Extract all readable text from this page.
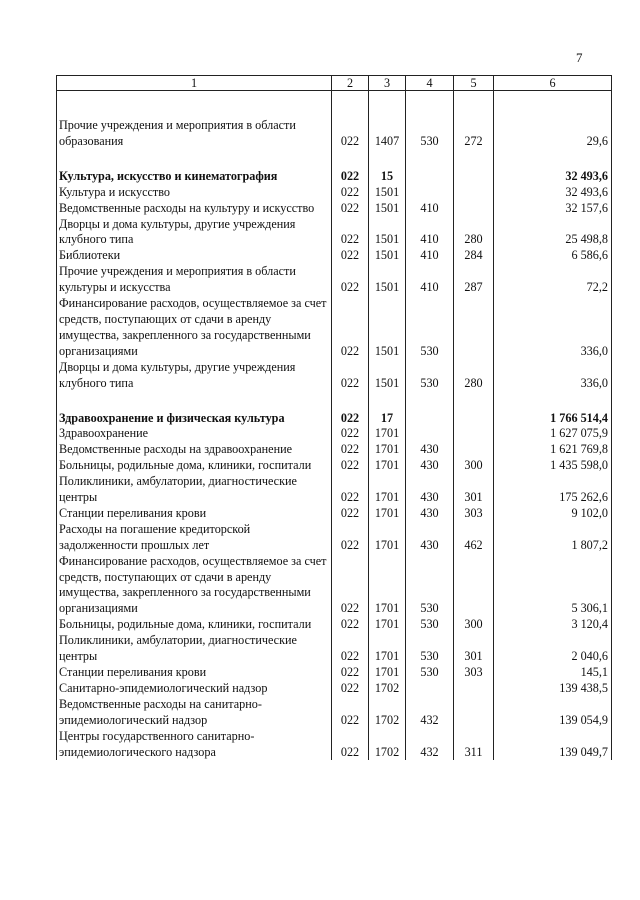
7
1	2	3	4	5	6

Прочие учреждения и мероприятия в области образования	022	1407	530	272	29,6

Культура, искусство и кинематография	022	15			32 493,6
Культура и искусство	022	1501			32 493,6
Ведомственные расходы на культуру и искусство	022	1501	410		32 157,6
Дворцы и дома культуры, другие учреждения клубного типа	022	1501	410	280	25 498,8
Библиотеки	022	1501	410	284	6 586,6
Прочие учреждения и мероприятия в области культуры и искусства	022	1501	410	287	72,2
Финансирование расходов, осуществляемое за счет средств, поступающих от сдачи в аренду имущества, закрепленного за государственными организациями	022	1501	530		336,0
Дворцы и дома культуры, другие учреждения клубного типа	022	1501	530	280	336,0

Здравоохранение и физическая культура	022	17			1 766 514,4
Здравоохранение	022	1701			1 627 075,9
Ведомственные расходы на здравоохранение	022	1701	430		1 621 769,8
Больницы, родильные дома, клиники, госпитали	022	1701	430	300	1 435 598,0
Поликлиники, амбулатории, диагностические центры	022	1701	430	301	175 262,6
Станции переливания крови	022	1701	430	303	9 102,0
Расходы на погашение кредиторской задолженности прошлых лет	022	1701	430	462	1 807,2
Финансирование расходов, осуществляемое за счет средств, поступающих от сдачи в аренду имущества, закрепленного за государственными организациями	022	1701	530		5 306,1
Больницы, родильные дома, клиники, госпитали	022	1701	530	300	3 120,4
Поликлиники, амбулатории, диагностические центры	022	1701	530	301	2 040,6
Станции переливания крови	022	1701	530	303	145,1
Санитарно-эпидемиологический надзор	022	1702			139 438,5
Ведомственные расходы на санитарно-эпидемиологический надзор	022	1702	432		139 054,9
Центры государственного санитарно-эпидемиологического надзора	022	1702	432	311	139 049,7
